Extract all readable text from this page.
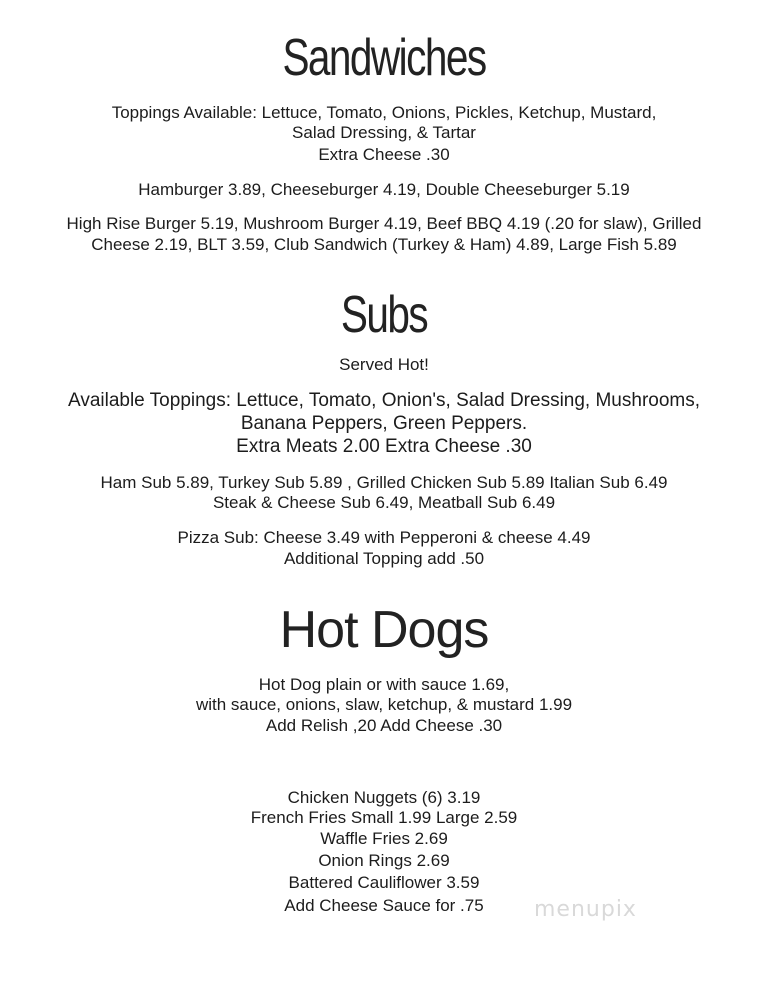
Sandwiches
Toppings Available: Lettuce, Tomato, Onions, Pickles, Ketchup, Mustard,
Salad Dressing, & Tartar
Extra Cheese .30
Hamburger 3.89, Cheeseburger 4.19, Double Cheeseburger 5.19
High Rise Burger 5.19, Mushroom Burger 4.19, Beef BBQ 4.19 (.20 for slaw), Grilled
Cheese 2.19, BLT 3.59, Club Sandwich (Turkey & Ham) 4.89, Large Fish 5.89
Subs
Served Hot!
Available Toppings: Lettuce, Tomato, Onion's, Salad Dressing, Mushrooms,
Banana Peppers, Green Peppers.
Extra Meats 2.00 Extra Cheese .30
Ham Sub 5.89, Turkey Sub 5.89 , Grilled Chicken Sub 5.89 Italian Sub 6.49
Steak & Cheese Sub 6.49, Meatball Sub 6.49
Pizza Sub: Cheese 3.49 with Pepperoni & cheese 4.49
Additional Topping add .50
Hot Dogs
Hot Dog plain or with sauce 1.69,
with sauce, onions, slaw, ketchup, & mustard 1.99
Add Relish ,20 Add Cheese .30
Chicken Nuggets (6) 3.19
French Fries Small 1.99 Large 2.59
Waffle Fries 2.69
Onion Rings 2.69
Battered Cauliflower 3.59
Add Cheese Sauce for .75	menupix
